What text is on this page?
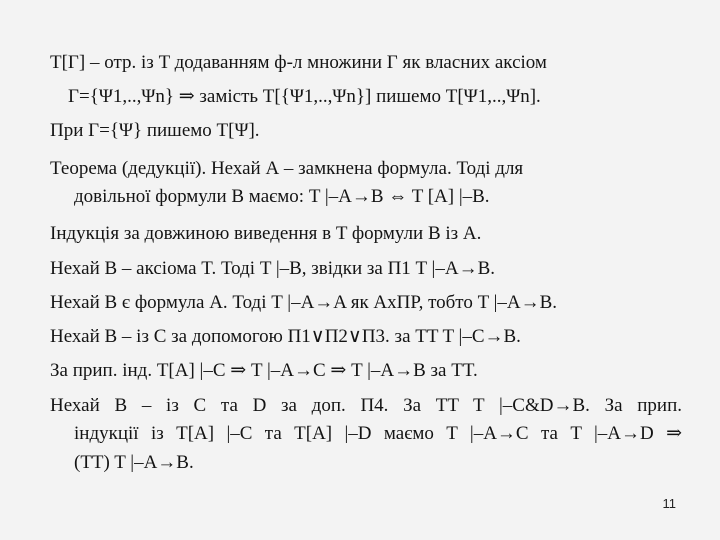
T[Г] – отр. із T додаванням ф-л множини Г як власних аксіом
Г={Ψ1,..,Ψn} ⇒ замість T[{Ψ1,..,Ψn}] пишемо T[Ψ1,..,Ψn].
При Г={Ψ} пишемо T[Ψ].
Теорема (дедукції). Нехай А – замкнена формула. Тоді для
довільної формули В маємо: T |–A→B ⇔ T [A] |–B.
Індукція за довжиною виведення в T формули В із А.
Нехай В – аксіома T. Тоді T |–В, звідки за П1 T |–A→B.
Нехай В є формула А. Тоді T |–A→A як AxПР, тобто T |–A→B.
Нехай В – із С за допомогою П1∨П2∨П3. за TT T |–С→B.
За прип. інд. T[A] |–С ⇒ T |–A→С ⇒ T |–A→B за TT.
Нехай B – із C та D за доп. П4. За TT T |–C&D→B. За прип.
індукції із T[A] |–C та T[A] |–D маємо T |–A→C та T |–A→D ⇒
(TT) T |–A→B.
11
